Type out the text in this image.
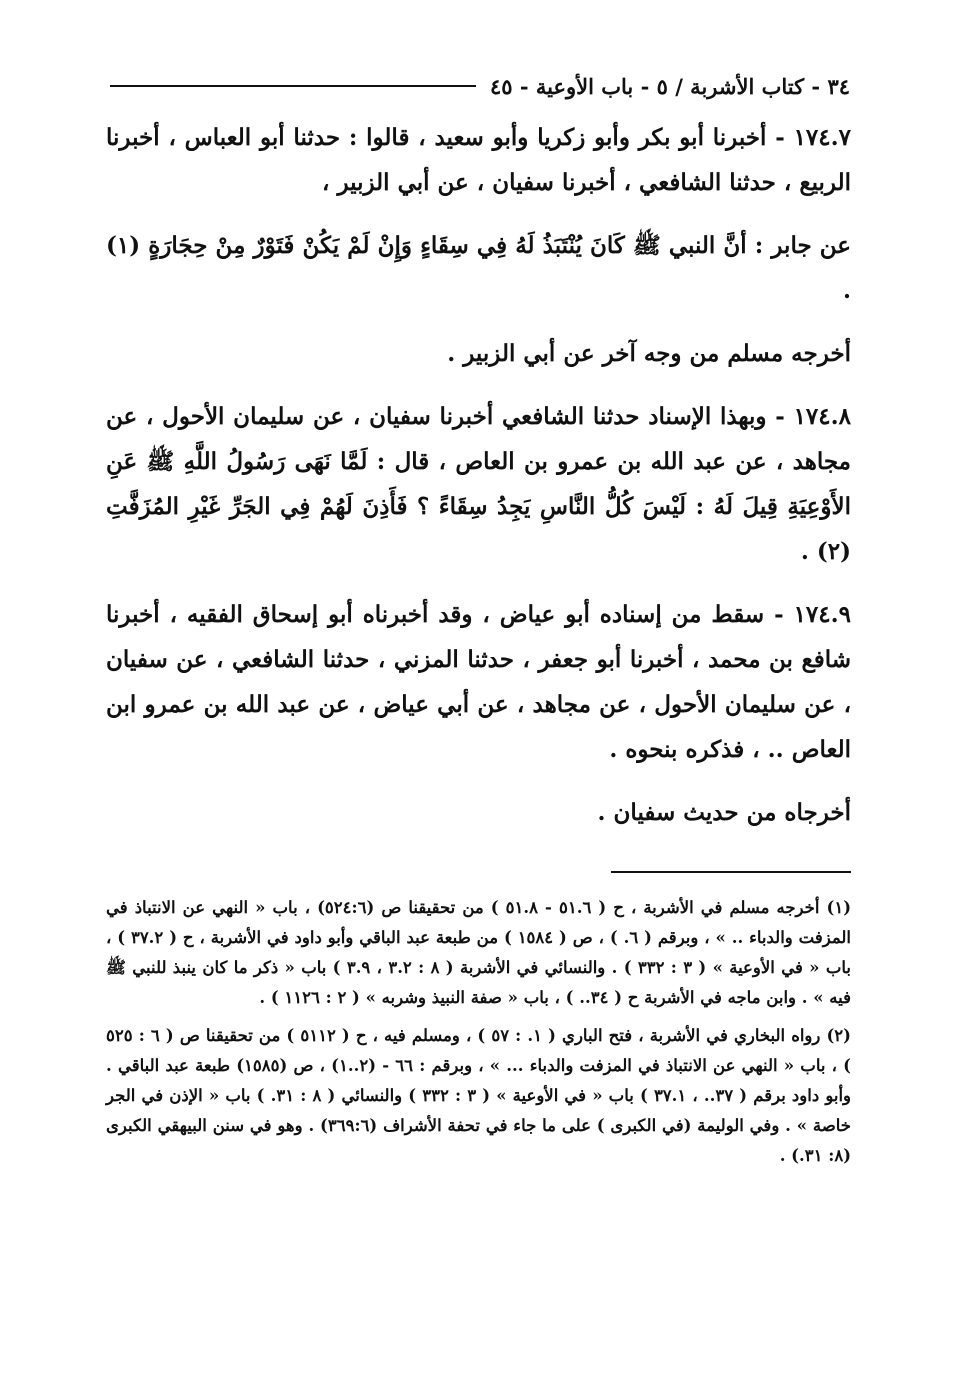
٣٤ - كتاب الأشربة / ٥ - باب الأوعية - ٤٥

١٧٤.٧ - أخبرنا أبو بكر وأبو زكريا وأبو سعيد ، قالوا : حدثنا أبو العباس ، أخبرنا الربيع ، حدثنا الشافعي ، أخبرنا سفيان ، عن أبي الزبير ،

عن جابر : أنَّ النبي ﷺ كَانَ يُنْتَبَذُ لَهُ فِي سِقَاءٍ وَإِنْ لَمْ يَكُنْ فَتَوْرٌ مِنْ حِجَارَةٍ (١) .

أخرجه مسلم من وجه آخر عن أبي الزبير .

١٧٤.٨ - وبهذا الإسناد حدثنا الشافعي أخبرنا سفيان ، عن سليمان الأحول ، عن مجاهد ، عن عبد الله بن عمرو بن العاص ، قال : لَمَّا نَهَى رَسُولُ اللَّهِ ﷺ عَنِ الأَوْعِيَةِ قِيلَ لَهُ : لَيْسَ كُلُّ النَّاسِ يَجِدُ سِقَاءً ؟ فَأَذِنَ لَهُمْ فِي الجَرِّ غَيْرِ المُزَفَّتِ (٢) .

١٧٤.٩ - سقط من إسناده أبو عياض ، وقد أخبرناه أبو إسحاق الفقيه ، أخبرنا شافع بن محمد ، أخبرنا أبو جعفر ، حدثنا المزني ، حدثنا الشافعي ، عن سفيان ، عن سليمان الأحول ، عن مجاهد ، عن أبي عياض ، عن عبد الله بن عمرو ابن العاص .. ، فذكره بنحوه .

أخرجاه من حديث سفيان .

(١) أخرجه مسلم في الأشربة ، ح ( ٥١.٦ - ٥١.٨ ) من تحقيقنا ص (٥٢٤:٦) ، باب « النهي عن الانتباذ في المزفت والدباء .. » ، وبرقم ( ٦. ) ، ص ( ١٥٨٤ ) من طبعة عبد الباقي وأبو داود في الأشربة ، ح ( ٣٧.٢ ) ، باب « في الأوعية » ( ٣ : ٣٣٢ ) . والنسائي في الأشربة ( ٨ : ٣.٢ ، ٣.٩ ) باب « ذكر ما كان ينبذ للنبي ﷺ فيه » . وابن ماجه في الأشربة ح ( ٣٤.. ) ، باب « صفة النبيذ وشربه » ( ٢ : ١١٢٦ ) .

(٢) رواه البخاري في الأشربة ، فتح الباري ( ١. : ٥٧ ) ، ومسلم فيه ، ح ( ٥١١٢ ) من تحقيقنا ص ( ٦ : ٥٢٥ ) ، باب « النهي عن الانتباذ في المزفت والدباء ... » ، وبرقم : ٦٦ - (٢..١) ، ص (١٥٨٥) طبعة عبد الباقي . وأبو داود برقم ( ٣٧.. ، ٣٧.١ ) باب « في الأوعية » ( ٣ : ٣٣٢ ) والنسائي ( ٨ : ٣١. ) باب « الإذن في الجر خاصة » . وفي الوليمة (في الكبرى ) على ما جاء في تحفة الأشراف (٣٦٩:٦) . وهو في سنن البيهقي الكبرى (٨: ٣١.) .
